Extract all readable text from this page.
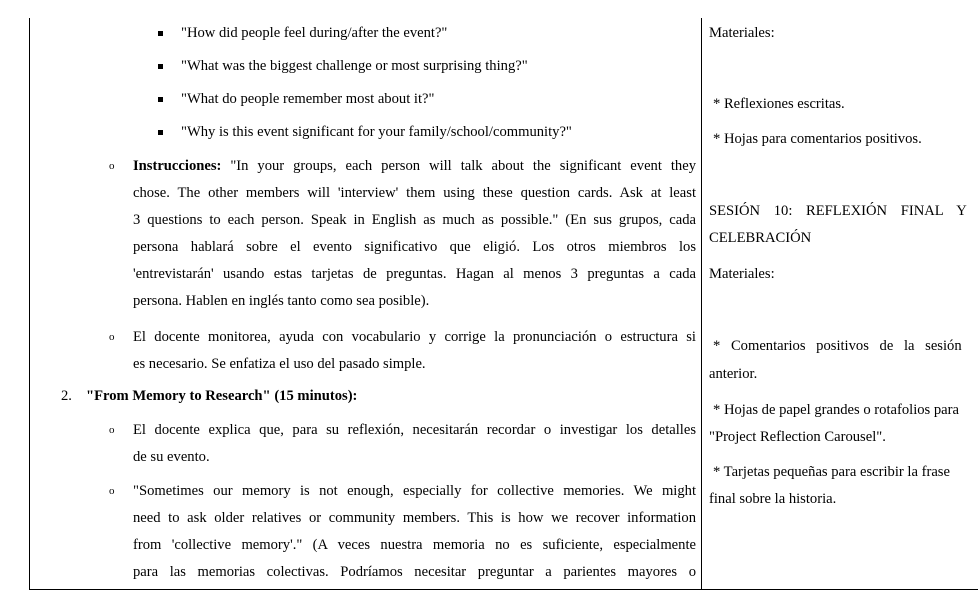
"How did people feel during/after the event?"
"What was the biggest challenge or most surprising thing?"
"What do people remember most about it?"
"Why is this event significant for your family/school/community?"
o Instrucciones: "In your groups, each person will talk about the significant event they
chose. The other members will 'interview' them using these question cards. Ask at least
3 questions to each person. Speak in English as much as possible." (En sus grupos, cada
persona hablará sobre el evento significativo que eligió. Los otros miembros los
'entrevistarán' usando estas tarjetas de preguntas. Hagan al menos 3 preguntas a cada
persona. Hablen en inglés tanto como sea posible).
o El docente monitorea, ayuda con vocabulario y corrige la pronunciación o estructura si
es necesario. Se enfatiza el uso del pasado simple.
2. "From Memory to Research" (15 minutos):
o El docente explica que, para su reflexión, necesitarán recordar o investigar los detalles
de su evento.
o "Sometimes our memory is not enough, especially for collective memories. We might
need to ask older relatives or community members. This is how we recover information
from 'collective memory'." (A veces nuestra memoria no es suficiente, especialmente
para las memorias colectivas. Podríamos necesitar preguntar a parientes mayores o
Materiales:
* Reflexiones escritas.
* Hojas para comentarios positivos.
SESIÓN 10: REFLEXIÓN FINAL Y
CELEBRACIÓN
Materiales:
* Comentarios positivos de la sesión
anterior.
* Hojas de papel grandes o rotafolios para
"Project Reflection Carousel".
* Tarjetas pequeñas para escribir la frase
final sobre la historia.
